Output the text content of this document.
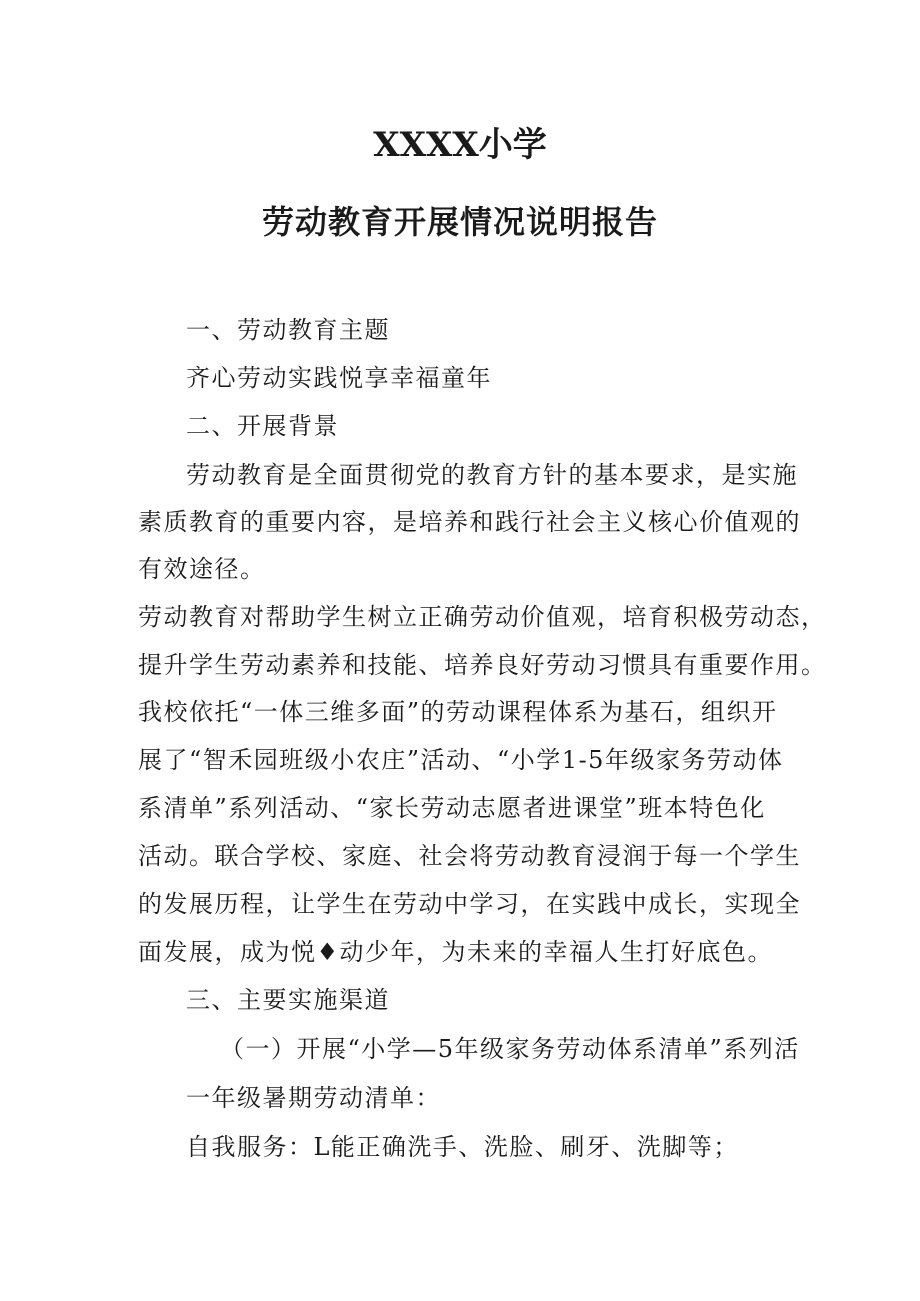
XXXX小学
劳动教育开展情况说明报告

一、劳动教育主题

齐心劳动实践悦享幸福童年

二、开展背景

劳动教育是全面贯彻党的教育方针的基本要求，是实施

素质教育的重要内容，是培养和践行社会主义核心价值观的

有效途径。

劳动教育对帮助学生树立正确劳动价值观，培育积极劳动态，

提升学生劳动素养和技能、培养良好劳动习惯具有重要作用。

我校依托“一体三维多面”的劳动课程体系为基石，组织开

展了“智禾园班级小农庄”活动、“小学1-5年级家务劳动体

系清单”系列活动、“家长劳动志愿者进课堂”班本特色化

活动。联合学校、家庭、社会将劳动教育浸润于每一个学生

的发展历程，让学生在劳动中学习，在实践中成长，实现全

面发展，成为悦♦动少年，为未来的幸福人生打好底色。

三、主要实施渠道

（一）开展“小学—5年级家务劳动体系清单”系列活

一年级暑期劳动清单：

自我服务：L能正确洗手、洗脸、刷牙、洗脚等；
